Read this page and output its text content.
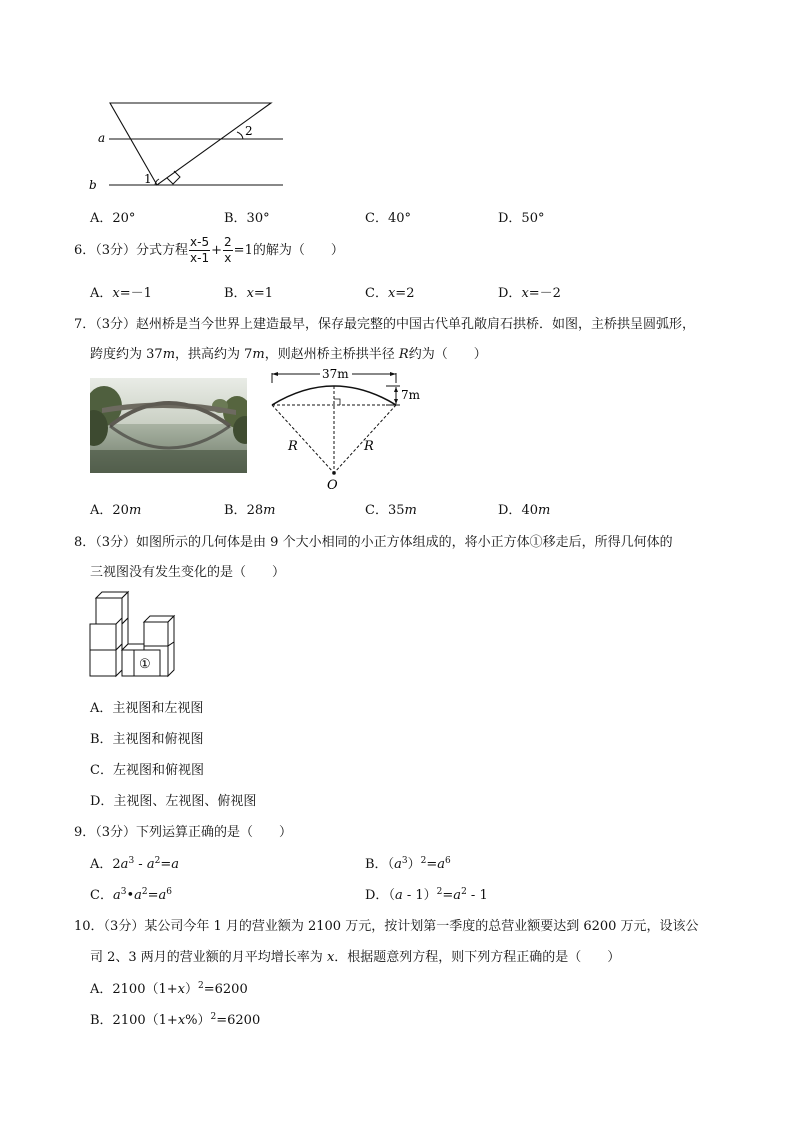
a
b	1
2
A．20°	B．30°	C．40°	D．50°
6．（3分）分式方程 $\frac{x-5}{x-1} + \frac{2}{x} =1$的解为（　　）
A．x=－1	B．x=1	C．x=2	D．x=－2
7．（3分）赵州桥是当今世界上建造最早，保存最完整的中国古代单孔敞肩石拱桥．如图，主桥拱呈圆弧形，
跨度约为 37m，拱高约为 7m，则赵州桥主桥拱半径 R约为（　　）
37m
7m
R	R
O
A．20m	B．28m	C．35m	D．40m
8．（3分）如图所示的几何体是由 9 个大小相同的小正方体组成的，将小正方体①移走后，所得几何体的
三视图没有发生变化的是（　　）
①
A．主视图和左视图
B．主视图和俯视图
C．左视图和俯视图
D．主视图、左视图、俯视图
9．（3分）下列运算正确的是（　　）
A．$2a^3 - a^2=a$	B．$(a^3)^2=a^6$
C．$a^3•a^2=a^6$	D．$(a - 1)^2=a^2 - 1$
10．（3分）某公司今年 1 月的营业额为 2100 万元，按计划第一季度的总营业额要达到 6200 万元，设该公
司 2、3 两月的营业额的月平均增长率为 x．根据题意列方程，则下列方程正确的是（　　）
A．$2100(1+x)^2=6200$
B．$2100(1+x\%)^2=6200$
